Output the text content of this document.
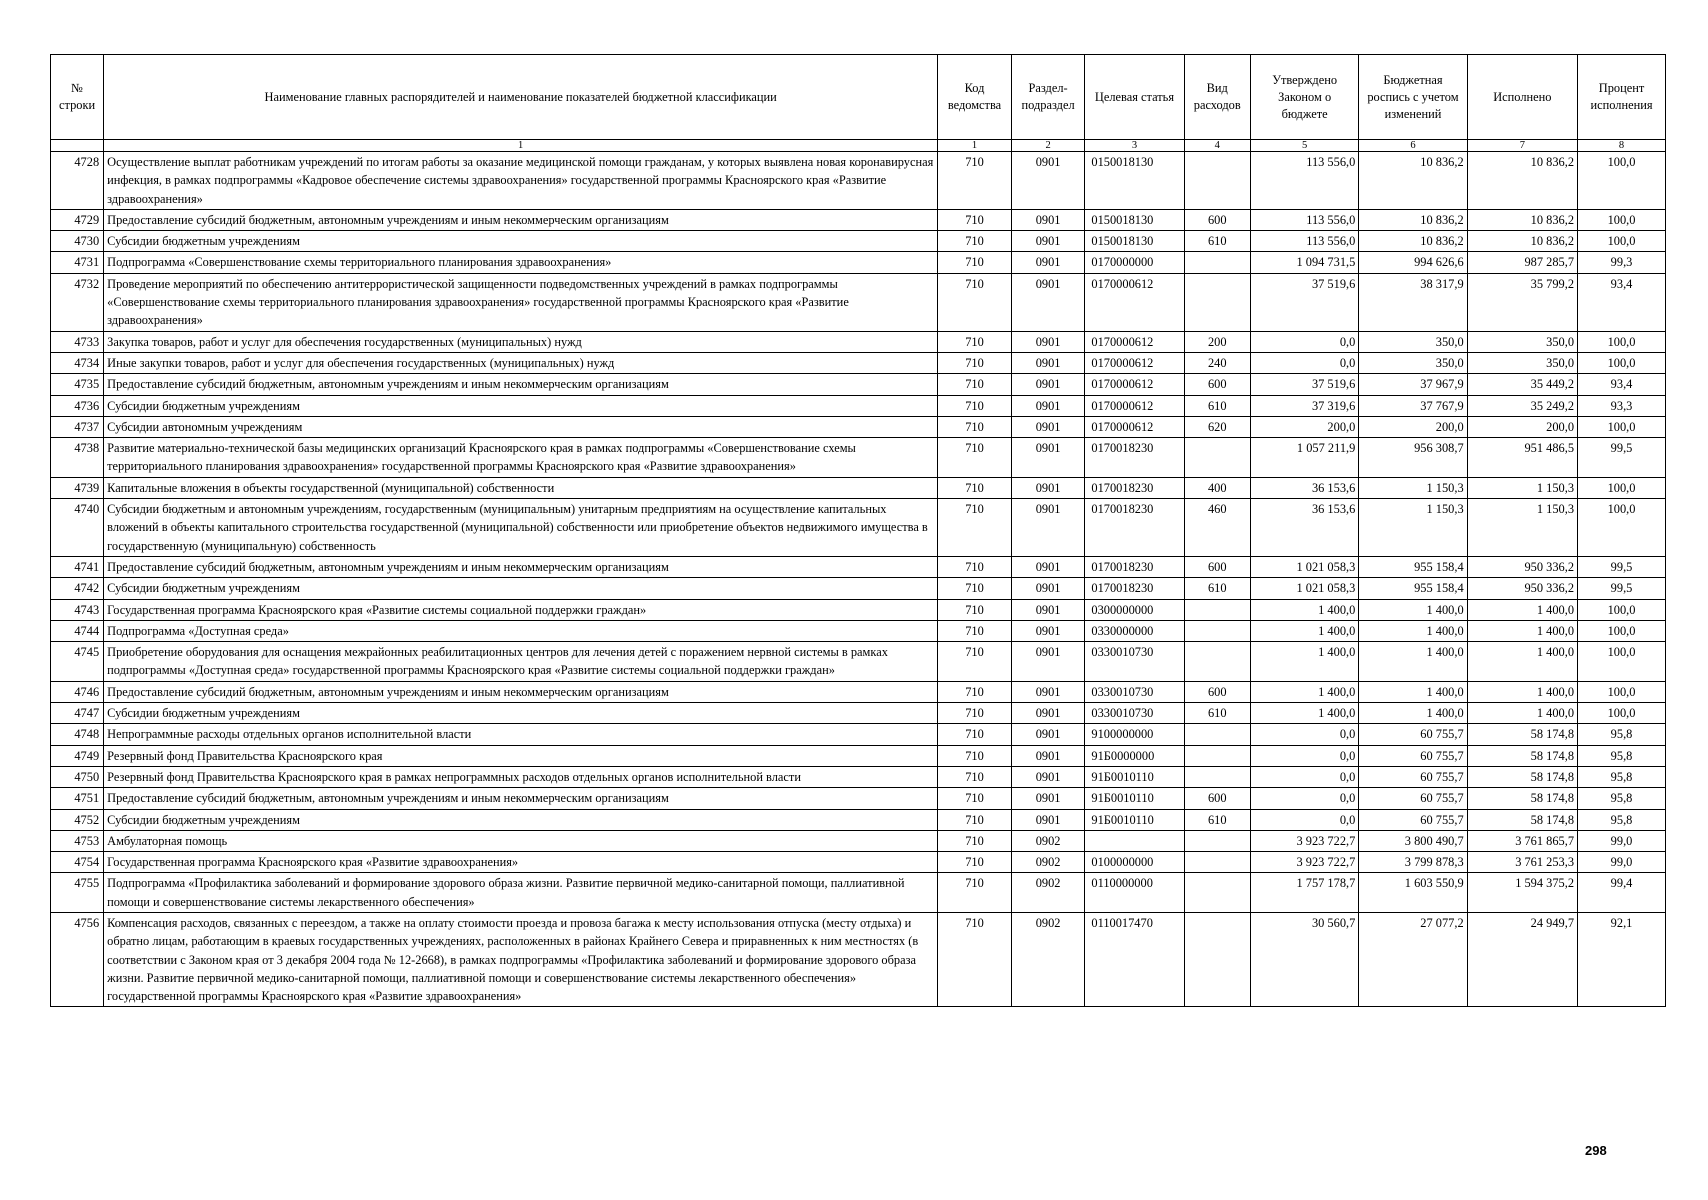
№ строки	Наименование главных распорядителей и наименование показателей бюджетной классификации	Код ведомства	Раздел-подраздел	Целевая статья	Вид расходов	Утверждено Законом о бюджете	Бюджетная роспись с учетом изменений	Исполнено	Процент исполнения
	1	1	2	3	4	5	6	7	8
4728	Осуществление выплат работникам учреждений по итогам работы за оказание медицинской помощи гражданам, у которых выявлена новая коронавирусная инфекция, в рамках подпрограммы «Кадровое обеспечение системы здравоохранения» государственной программы Красноярского края «Развитие здравоохранения»	710	0901	0150018130		113 556,0	10 836,2	10 836,2	100,0
4729	Предоставление субсидий бюджетным, автономным учреждениям и иным некоммерческим организациям	710	0901	0150018130	600	113 556,0	10 836,2	10 836,2	100,0
4730	Субсидии бюджетным учреждениям	710	0901	0150018130	610	113 556,0	10 836,2	10 836,2	100,0
4731	Подпрограмма «Совершенствование схемы территориального планирования здравоохранения»	710	0901	0170000000		1 094 731,5	994 626,6	987 285,7	99,3
4732	Проведение мероприятий по обеспечению антитеррористической защищенности подведомственных учреждений в рамках подпрограммы «Совершенствование схемы территориального планирования здравоохранения» государственной программы Красноярского края «Развитие здравоохранения»	710	0901	0170000612		37 519,6	38 317,9	35 799,2	93,4
4733	Закупка товаров, работ и услуг для обеспечения государственных (муниципальных) нужд	710	0901	0170000612	200	0,0	350,0	350,0	100,0
4734	Иные закупки товаров, работ и услуг для обеспечения государственных (муниципальных) нужд	710	0901	0170000612	240	0,0	350,0	350,0	100,0
4735	Предоставление субсидий бюджетным, автономным учреждениям и иным некоммерческим организациям	710	0901	0170000612	600	37 519,6	37 967,9	35 449,2	93,4
4736	Субсидии бюджетным учреждениям	710	0901	0170000612	610	37 319,6	37 767,9	35 249,2	93,3
4737	Субсидии автономным учреждениям	710	0901	0170000612	620	200,0	200,0	200,0	100,0
4738	Развитие материально-технической базы медицинских организаций Красноярского края в рамках подпрограммы «Совершенствование схемы территориального планирования здравоохранения» государственной программы Красноярского края «Развитие здравоохранения»	710	0901	0170018230		1 057 211,9	956 308,7	951 486,5	99,5
4739	Капитальные вложения в объекты государственной (муниципальной) собственности	710	0901	0170018230	400	36 153,6	1 150,3	1 150,3	100,0
4740	Субсидии бюджетным и автономным учреждениям, государственным (муниципальным) унитарным предприятиям на осуществление капитальных вложений в объекты капитального строительства государственной (муниципальной) собственности или приобретение объектов недвижимого имущества в государственную (муниципальную) собственность	710	0901	0170018230	460	36 153,6	1 150,3	1 150,3	100,0
4741	Предоставление субсидий бюджетным, автономным учреждениям и иным некоммерческим организациям	710	0901	0170018230	600	1 021 058,3	955 158,4	950 336,2	99,5
4742	Субсидии бюджетным учреждениям	710	0901	0170018230	610	1 021 058,3	955 158,4	950 336,2	99,5
4743	Государственная программа Красноярского края «Развитие системы социальной поддержки граждан»	710	0901	0300000000		1 400,0	1 400,0	1 400,0	100,0
4744	Подпрограмма «Доступная среда»	710	0901	0330000000		1 400,0	1 400,0	1 400,0	100,0
4745	Приобретение оборудования для оснащения межрайонных реабилитационных центров для лечения детей с поражением нервной системы в рамках подпрограммы «Доступная среда» государственной программы Красноярского края «Развитие системы социальной поддержки граждан»	710	0901	0330010730		1 400,0	1 400,0	1 400,0	100,0
4746	Предоставление субсидий бюджетным, автономным учреждениям и иным некоммерческим организациям	710	0901	0330010730	600	1 400,0	1 400,0	1 400,0	100,0
4747	Субсидии бюджетным учреждениям	710	0901	0330010730	610	1 400,0	1 400,0	1 400,0	100,0
4748	Непрограммные расходы отдельных органов исполнительной власти	710	0901	9100000000		0,0	60 755,7	58 174,8	95,8
4749	Резервный фонд Правительства Красноярского края	710	0901	91Б0000000		0,0	60 755,7	58 174,8	95,8
4750	Резервный фонд Правительства Красноярского края в рамках непрограммных расходов отдельных органов исполнительной власти	710	0901	91Б0010110		0,0	60 755,7	58 174,8	95,8
4751	Предоставление субсидий бюджетным, автономным учреждениям и иным некоммерческим организациям	710	0901	91Б0010110	600	0,0	60 755,7	58 174,8	95,8
4752	Субсидии бюджетным учреждениям	710	0901	91Б0010110	610	0,0	60 755,7	58 174,8	95,8
4753	Амбулаторная помощь	710	0902			3 923 722,7	3 800 490,7	3 761 865,7	99,0
4754	Государственная программа Красноярского края «Развитие здравоохранения»	710	0902	0100000000		3 923 722,7	3 799 878,3	3 761 253,3	99,0
4755	Подпрограмма «Профилактика заболеваний и формирование здорового образа жизни. Развитие первичной медико-санитарной помощи, паллиативной помощи и совершенствование системы лекарственного обеспечения»	710	0902	0110000000		1 757 178,7	1 603 550,9	1 594 375,2	99,4
4756	Компенсация расходов, связанных с переездом, а также на оплату стоимости проезда и провоза багажа к месту использования отпуска (месту отдыха) и обратно лицам, работающим в краевых государственных учреждениях, расположенных в районах Крайнего Севера и приравненных к ним местностях (в соответствии с Законом края от 3 декабря 2004 года № 12-2668), в рамках подпрограммы «Профилактика заболеваний и формирование здорового образа жизни. Развитие первичной медико-санитарной помощи, паллиативной помощи и совершенствование системы лекарственного обеспечения» государственной программы Красноярского края «Развитие здравоохранения»	710	0902	0110017470		30 560,7	27 077,2	24 949,7	92,1
298
